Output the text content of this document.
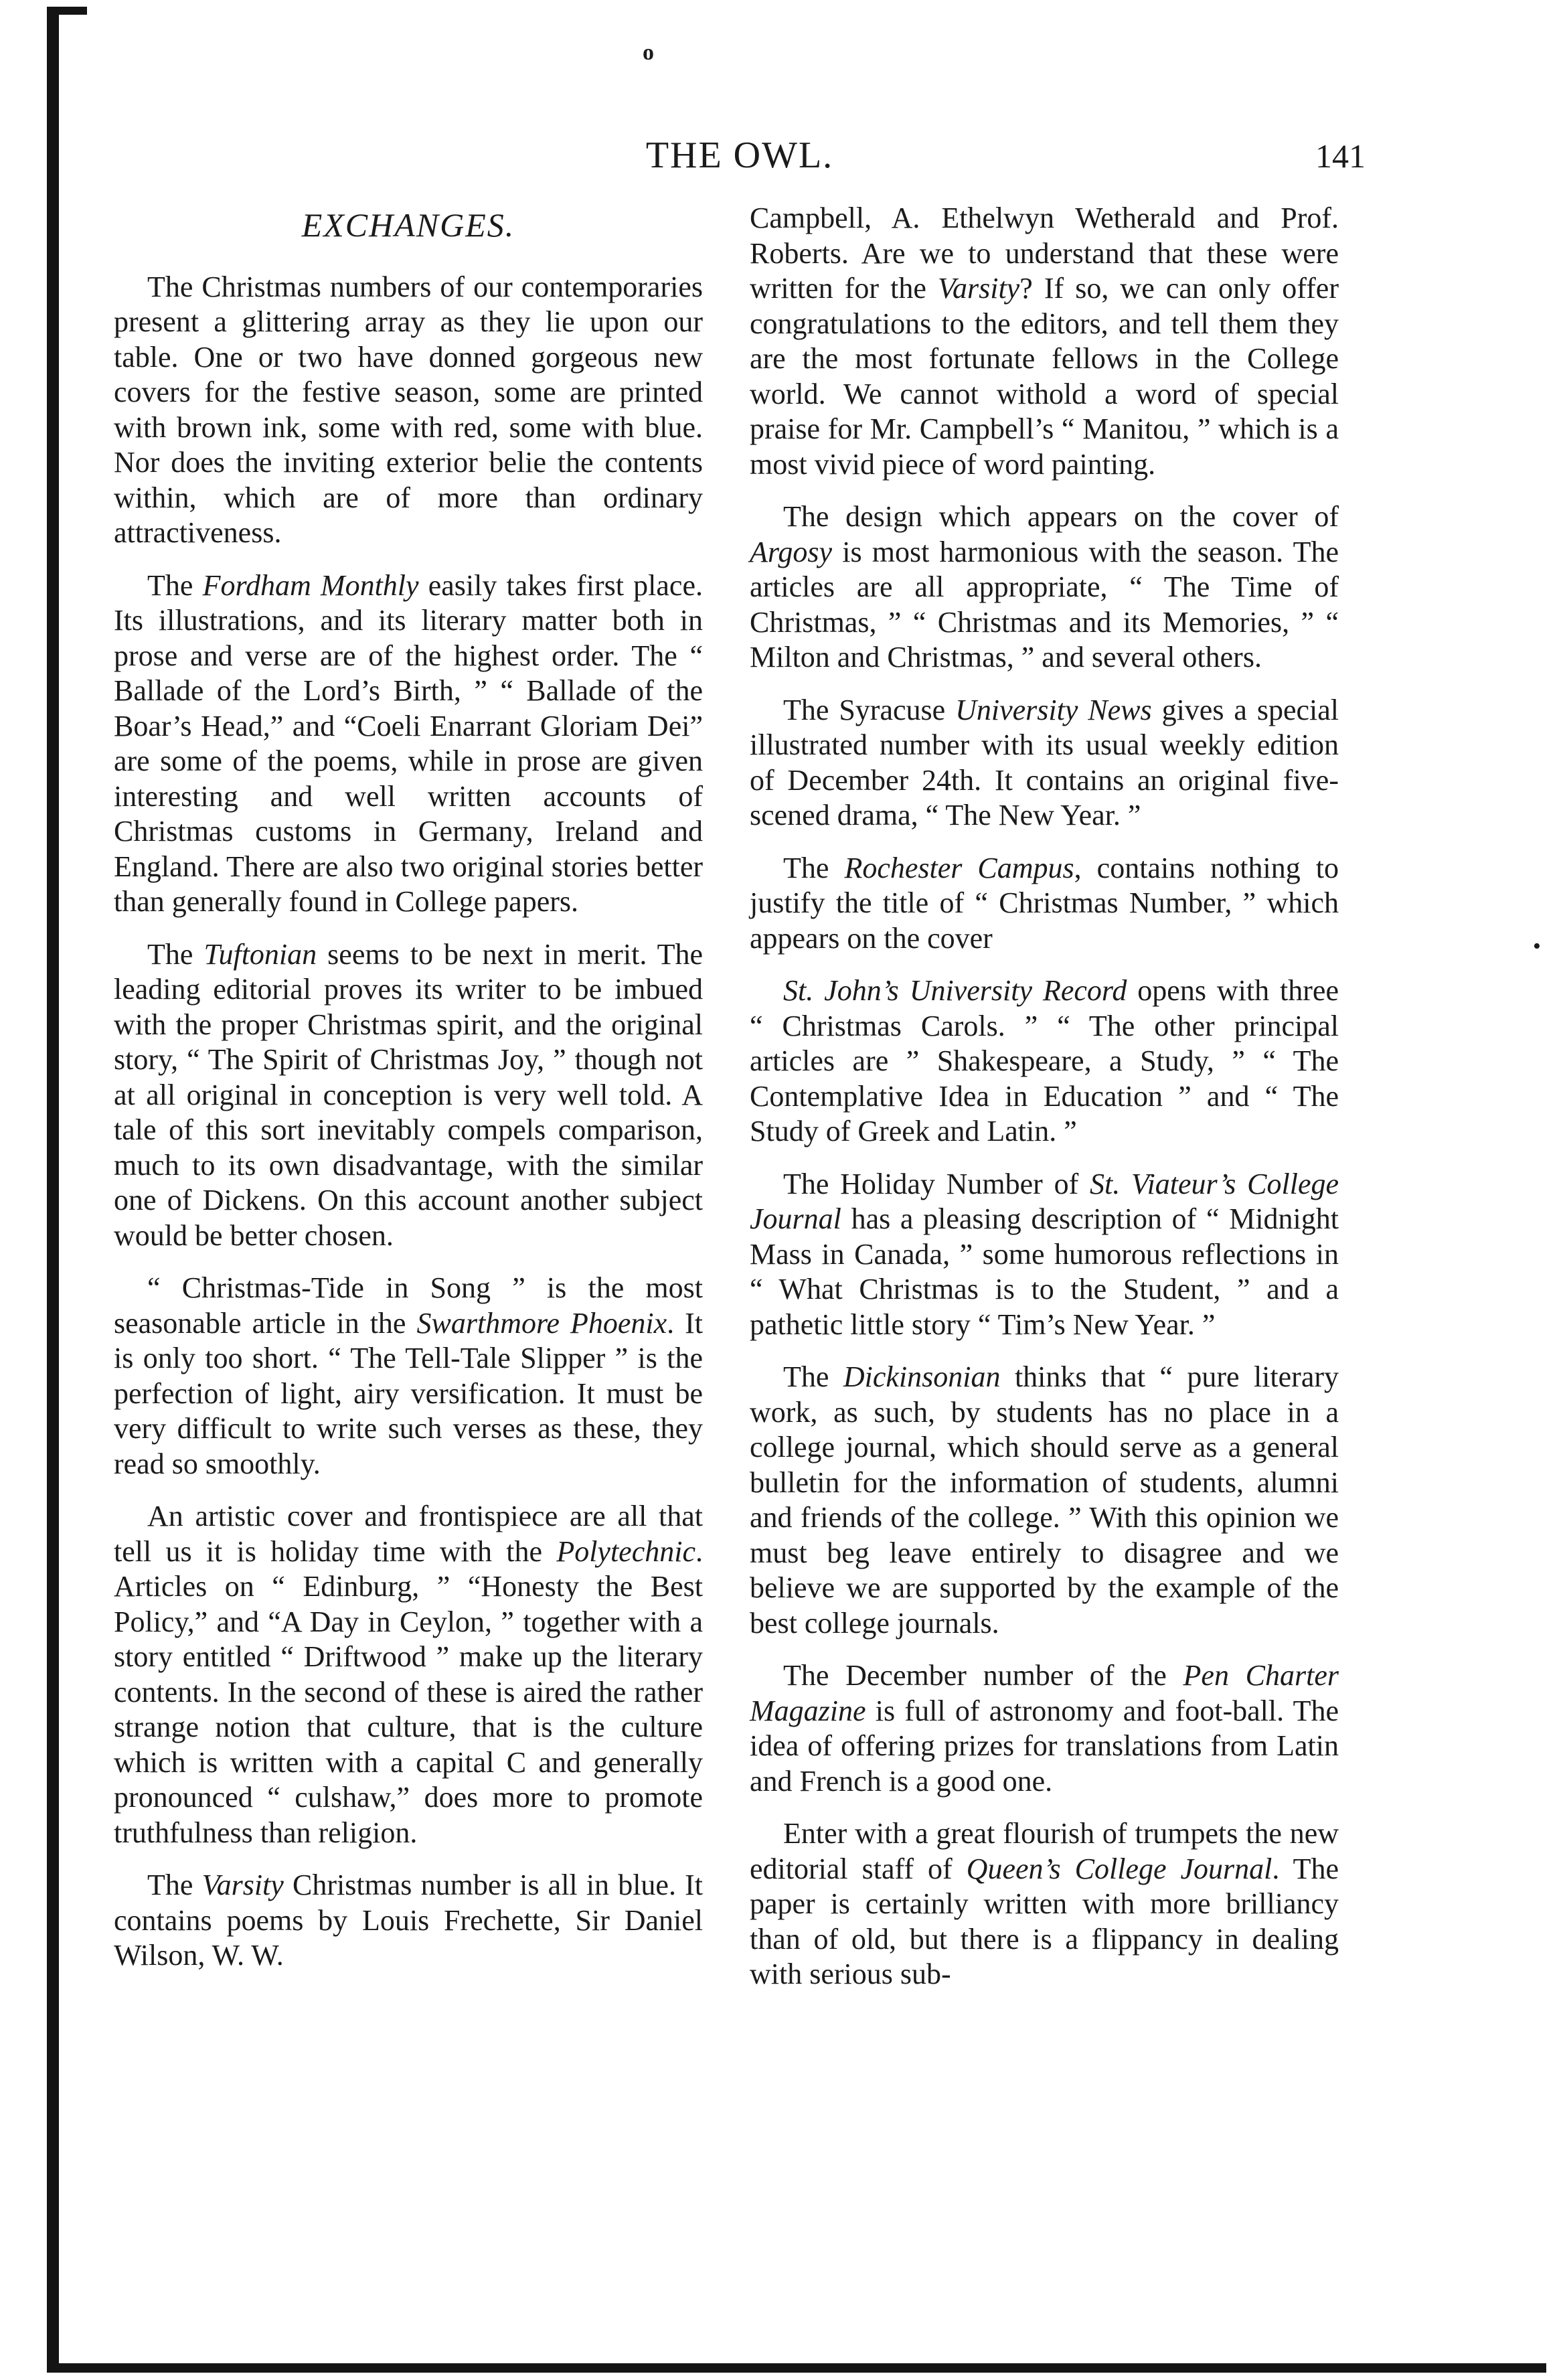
o
THE OWL.	141
EXCHANGES.

The Christmas numbers of our contemporaries present a glittering array as they lie upon our table. One or two have donned gorgeous new covers for the festive season, some are printed with brown ink, some with red, some with blue. Nor does the inviting exterior belie the contents within, which are of more than ordinary attractiveness.

The Fordham Monthly easily takes first place. Its illustrations, and its literary matter both in prose and verse are of the highest order. The “ Ballade of the Lord’s Birth, ” “ Ballade of the Boar’s Head,” and “Coeli Enarrant Gloriam Dei” are some of the poems, while in prose are given interesting and well written accounts of Christmas customs in Germany, Ireland and England. There are also two original stories better than generally found in College papers.

The Tuftonian seems to be next in merit. The leading editorial proves its writer to be imbued with the proper Christmas spirit, and the original story, “ The Spirit of Christmas Joy, ” though not at all original in conception is very well told. A tale of this sort inevitably compels comparison, much to its own disadvantage, with the similar one of Dickens. On this account another subject would be better chosen.

“ Christmas-Tide in Song ” is the most seasonable article in the Swarthmore Phoenix. It is only too short. “ The Tell-Tale Slipper ” is the perfection of light, airy versification. It must be very difficult to write such verses as these, they read so smoothly.

An artistic cover and frontispiece are all that tell us it is holiday time with the Polytechnic. Articles on “ Edinburg, ” “Honesty the Best Policy,” and “A Day in Ceylon, ” together with a story entitled “ Driftwood ” make up the literary contents. In the second of these is aired the rather strange notion that culture, that is the culture which is written with a capital C and generally pronounced “ culshaw,” does more to promote truthfulness than religion.

The Varsity Christmas number is all in blue. It contains poems by Louis Frechette, Sir Daniel Wilson, W. W.

Campbell, A. Ethelwyn Wetherald and Prof. Roberts. Are we to understand that these were written for the Varsity? If so, we can only offer congratulations to the editors, and tell them they are the most fortunate fellows in the College world. We cannot withold a word of special praise for Mr. Campbell’s “ Manitou, ” which is a most vivid piece of word painting.

The design which appears on the cover of Argosy is most harmonious with the season. The articles are all appropriate, “ The Time of Christmas, ” “ Christmas and its Memories, ” “ Milton and Christmas, ” and several others.

The Syracuse University News gives a special illustrated number with its usual weekly edition of December 24th. It contains an original five-scened drama, “ The New Year. ”

The Rochester Campus, contains nothing to justify the title of “ Christmas Number, ” which appears on the cover

St. John’s University Record opens with three “ Christmas Carols. ” “ The other principal articles are ” Shakespeare, a Study, ” “ The Contemplative Idea in Education ” and “ The Study of Greek and Latin. ”

The Holiday Number of St. Viateur’s College Journal has a pleasing description of “ Midnight Mass in Canada, ” some humorous reflections in “ What Christmas is to the Student, ” and a pathetic little story “ Tim’s New Year. ”

The Dickinsonian thinks that “ pure literary work, as such, by students has no place in a college journal, which should serve as a general bulletin for the information of students, alumni and friends of the college. ” With this opinion we must beg leave entirely to disagree and we believe we are supported by the example of the best college journals.

The December number of the Pen Charter Magazine is full of astronomy and foot-ball. The idea of offering prizes for translations from Latin and French is a good one.

Enter with a great flourish of trumpets the new editorial staff of Queen’s College Journal. The paper is certainly written with more brilliancy than of old, but there is a flippancy in dealing with serious sub-

•
